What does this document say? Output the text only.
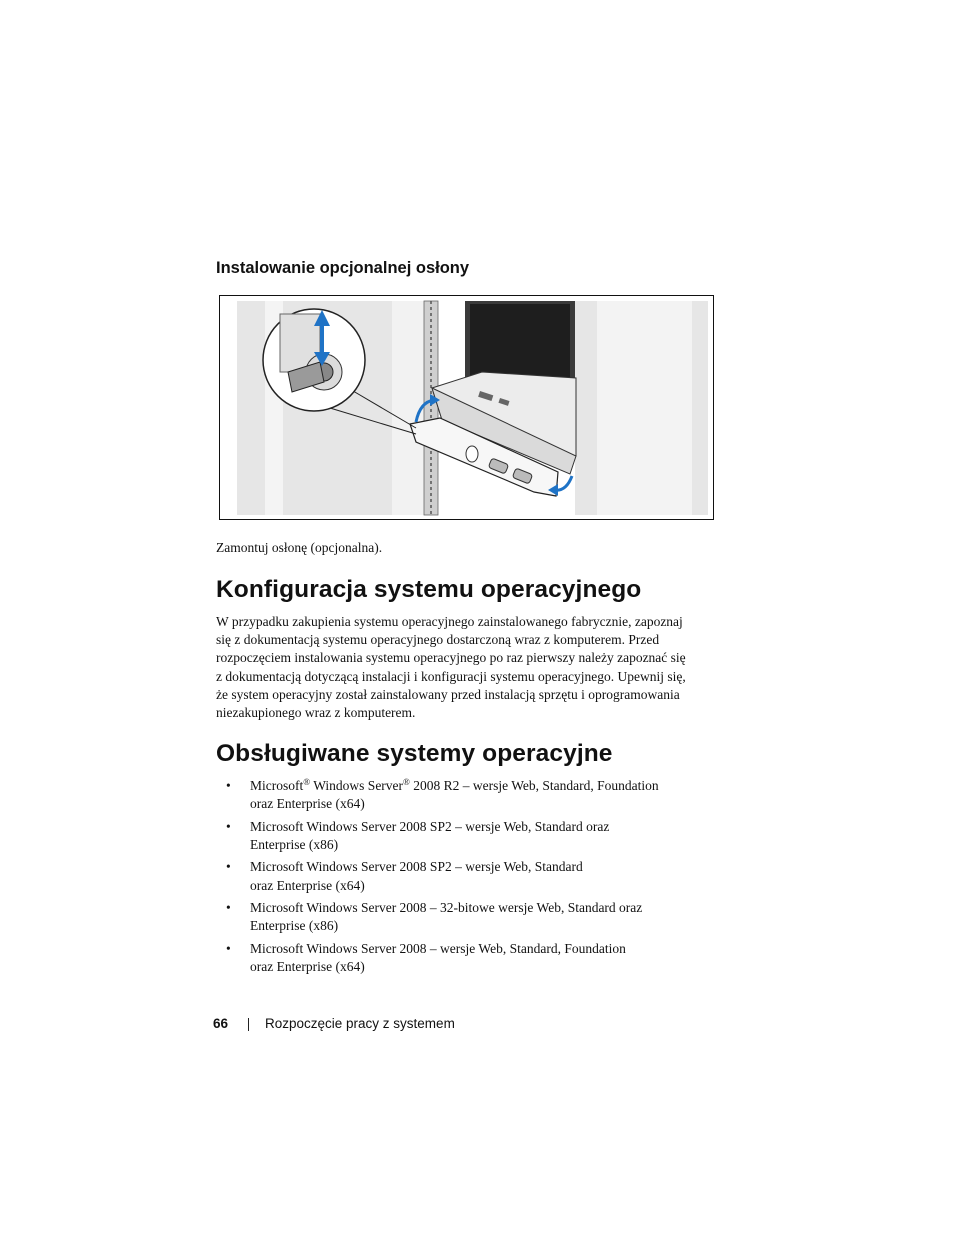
Instalowanie opcjonalnej osłony

Zamontuj osłonę (opcjonalna).

Konfiguracja systemu operacyjnego

W przypadku zakupienia systemu operacyjnego zainstalowanego fabrycznie, zapoznaj
się z dokumentacją systemu operacyjnego dostarczoną wraz z komputerem. Przed
rozpoczęciem instalowania systemu operacyjnego po raz pierwszy należy zapoznać się
z dokumentacją dotyczącą instalacji i konfiguracji systemu operacyjnego. Upewnij się,
że system operacyjny został zainstalowany przed instalacją sprzętu i oprogramowania
niezakupionego wraz z komputerem.

Obsługiwane systemy operacyjne
• Microsoft® Windows Server® 2008 R2 – wersje Web, Standard, Foundation
oraz Enterprise (x64)
• Microsoft Windows Server 2008 SP2 – wersje Web, Standard oraz
Enterprise (x86)
• Microsoft Windows Server 2008 SP2 – wersje Web, Standard
oraz Enterprise (x64)
• Microsoft Windows Server 2008 – 32-bitowe wersje Web, Standard oraz
Enterprise (x86)
• Microsoft Windows Server 2008 – wersje Web, Standard, Foundation
oraz Enterprise (x64)
66	Rozpoczęcie pracy z systemem
